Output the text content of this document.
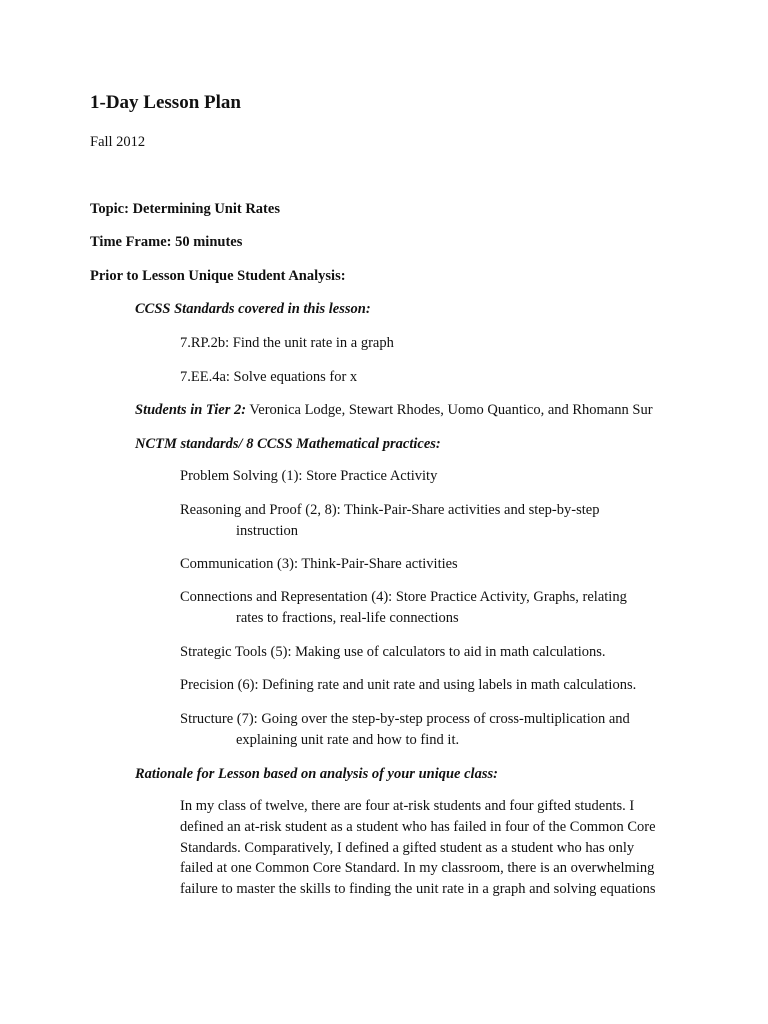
1-Day Lesson Plan
Fall 2012
Topic: Determining Unit Rates
Time Frame: 50 minutes
Prior to Lesson Unique Student Analysis:
CCSS Standards covered in this lesson:
7.RP.2b: Find the unit rate in a graph
7.EE.4a: Solve equations for x
Students in Tier 2: Veronica Lodge, Stewart Rhodes, Uomo Quantico, and Rhomann Sur
NCTM standards/ 8 CCSS Mathematical practices:
Problem Solving (1): Store Practice Activity
Reasoning and Proof (2, 8): Think-Pair-Share activities and step-by-step
instruction
Communication (3): Think-Pair-Share activities
Connections and Representation (4): Store Practice Activity, Graphs, relating
rates to fractions, real-life connections
Strategic Tools (5): Making use of calculators to aid in math calculations.
Precision (6): Defining rate and unit rate and using labels in math calculations.
Structure (7): Going over the step-by-step process of cross-multiplication and
explaining unit rate and how to find it.
Rationale for Lesson based on analysis of your unique class:
In my class of twelve, there are four at-risk students and four gifted students. I
defined an at-risk student as a student who has failed in four of the Common Core
Standards. Comparatively, I defined a gifted student as a student who has only
failed at one Common Core Standard. In my classroom, there is an overwhelming
failure to master the skills to finding the unit rate in a graph and solving equations
